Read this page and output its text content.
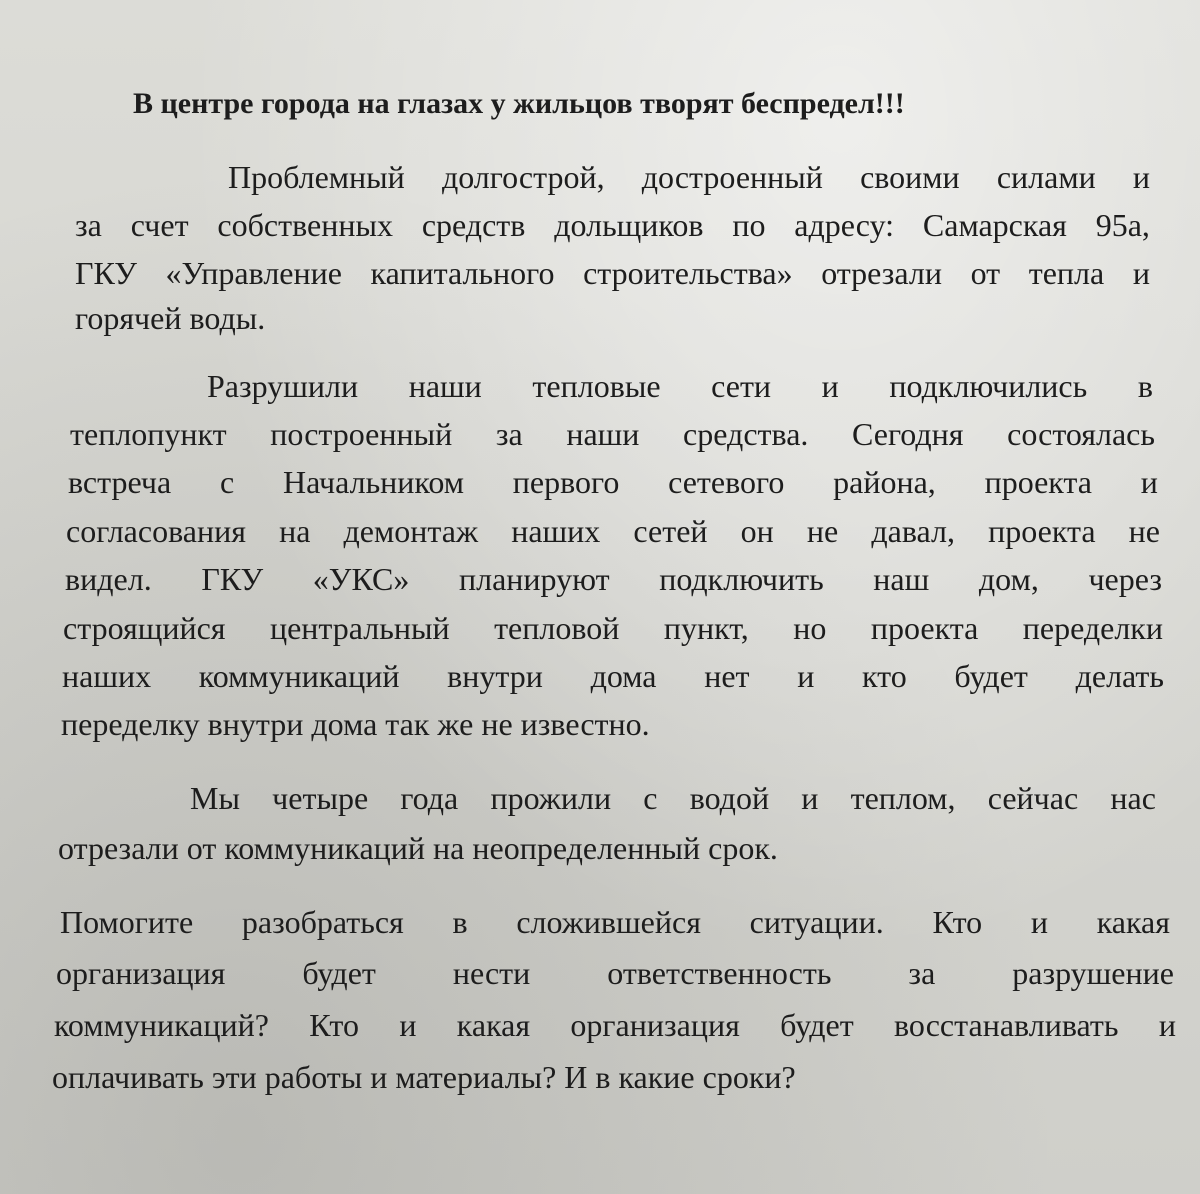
В центре города на глазах у жильцов творят беспредел!!!
Проблемный долгострой, достроенный своими силами и
за счет собственных средств дольщиков по адресу: Самарская 95а,
ГКУ «Управление капитального строительства» отрезали от тепла и
горячей воды.
Разрушили наши тепловые сети и подключились в
теплопункт построенный за наши средства. Сегодня состоялась
встреча с Начальником первого сетевого района, проекта и
согласования на демонтаж наших сетей он не давал, проекта не
видел. ГКУ «УКС» планируют подключить наш дом, через
строящийся центральный тепловой пункт, но проекта переделки
наших коммуникаций внутри дома нет и кто будет делать
переделку внутри дома так же не известно.
Мы четыре года прожили с водой и теплом, сейчас нас
отрезали от коммуникаций на неопределенный срок.
Помогите разобраться в сложившейся ситуации. Кто и какая
организация будет нести ответственность за разрушение
коммуникаций? Кто и какая организация будет восстанавливать и
оплачивать эти работы и материалы? И в какие сроки?
